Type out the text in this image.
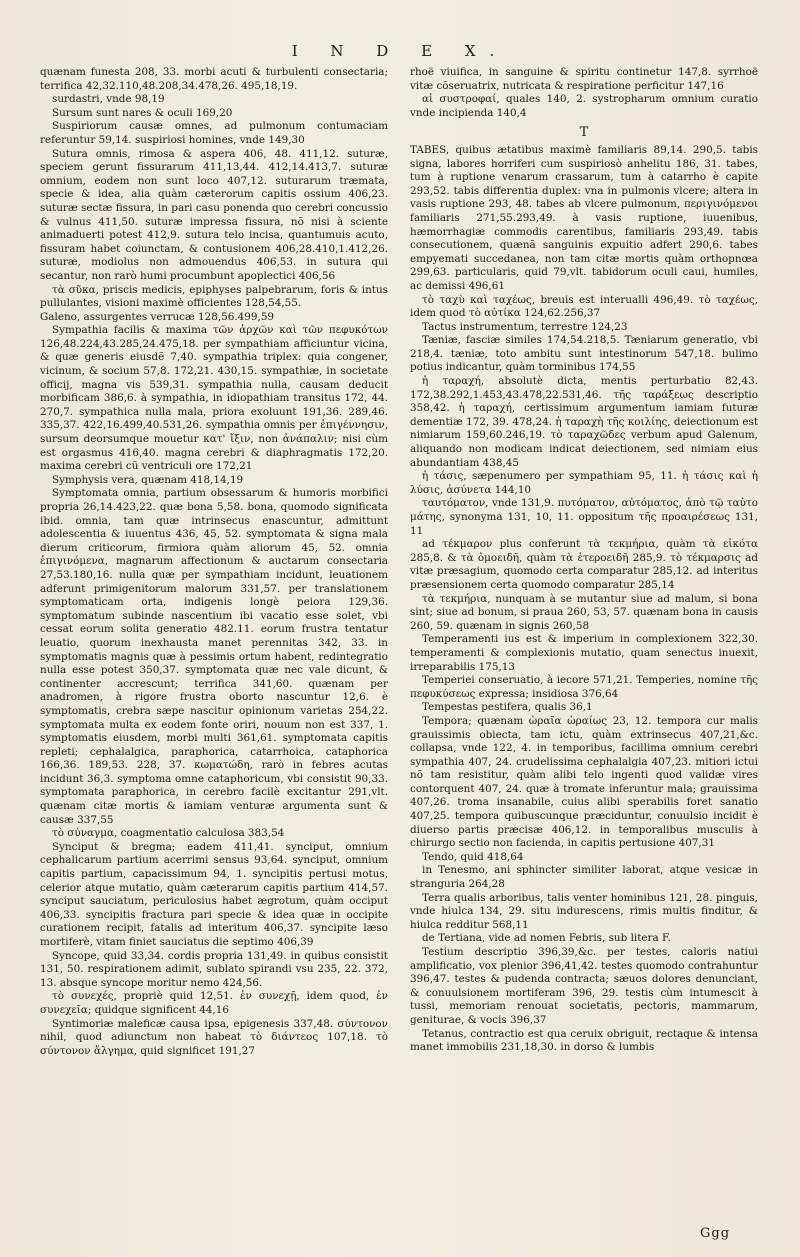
I N D E X.

quænam funesta 208, 33. morbi acuti & turbulenti consectaria; terrifica 42,32.110,48.208,34.478,26. 495,18,19.

surdastri, vnde 98,19

Sursum sunt nares & oculi 169,20

Suspiriorum causæ omnes, ad pulmonum contumaciam referuntur 59,14. suspiriosi homines, vnde 149,30

Sutura omnis, rimosa & aspera 406, 48. 411,12. suturæ, speciem gerunt fissurarum 411,13,44. 412,14.413,7. suturæ omnium, eodem non sunt loco 407,12. suturarum træmata, specie & idea, alia quàm cæterorum capitis ossium 406,23. suturæ sectæ fissura, in pari casu ponenda quo cerebri concussio & vulnus 411,50. suturæ impressa fissura, nõ nisi à sciente animaduerti potest 412,9. sutura telo incisa, quantumuis acuto, fissuram habet coiunctam, & contusionem 406,28.410,1.412,26. suturæ, modiolus non admouendus 406,53. in sutura qui secantur, non rarò humi procumbunt apoplectici 406,56

τὰ σῦκα, priscis medicis, epiphyses palpebrarum, foris & intus pullulantes, visioni maximè officientes 128,54,55.

Galeno, assurgentes verrucæ 128,56.499,59

Sympathia facilis & maxima τῶν ἀρχῶν καὶ τῶν πεφυκότων 126,48.224,43.285,24.475,18. per sympathiam afficiuntur vicina, & quæ generis eiusdẽ 7,40. sympathia triplex: quia congener, vicinum, & socium 57,8. 172,21. 430,15. sympathiæ, in societate officij, magna vis 539,31. sympathia nulla, causam deducit morbificam 386,6. à sympathia, in idiopathiam transitus 172, 44. 270,7. sympathica nulla mala, priora exoluunt 191,36. 289,46. 335,37. 422,16.499,40.531,26. sympathia omnis per ἐπιγέννησιν, sursum deorsumque mouetur κατ' ἴξιν, non ἀνάπαλιν; nisi cùm est orgasmus 416,40. magna cerebri & diaphragmatis 172,20. maxima cerebri cũ ventriculi ore 172,21

Symphysis vera, quænam 418,14,19

Symptomata omnia, partium obsessarum & humoris morbifici propria 26,14.423,22. quæ bona 5,58. bona, quomodo significata ibid. omnia, tam quæ intrinsecus enascuntur, admittunt adolescentia & iuuentus 436, 45, 52. symptomata & signa mala dierum criticorum, firmiora quàm aliorum 45, 52. omnia ἐπιγινόμενα, magnarum affectionum & auctarum consectaria 27,53.180,16. nulla quæ per sympathiam incidunt, leuationem adferunt primigenitorum malorum 331,57. per translationem symptomaticam orta, indigenis longè peiora 129,36. symptomatum subinde nascentium ibi vacatio esse solet, vbi cessat eorum solita generatio 482.11. eorum frustra tentatur leuatio, quorum inexhausta manet perennitas 342, 33. in symptomatis magnis quæ à pessimis ortum habent, redintegratio nulla esse potest 350,37. symptomata quæ nec vale dicunt, & continenter accrescunt; terrifica 341,60. quænam per anadromen, à rigore frustra oborto nascuntur 12,6. è symptomatis, crebra sæpe nascitur opinionum varietas 254,22. symptomata multa ex eodem fonte oriri, nouum non est 337, 1. symptomatis eiusdem, morbi multi 361,61. symptomata capitis repleti; cephalalgica, paraphorica, catarrhoica, cataphorica 166,36. 189,53. 228, 37. κωματώδη, rarò in febres acutas incidunt 36,3. symptoma omne cataphoricum, vbi consistit 90,33. symptomata paraphorica, in cerebro facilè excitantur 291,vlt. quænam citæ mortis & iamiam venturæ argumenta sunt & causæ 337,55

τὸ σύναγμα, coagmentatio calculosa 383,54

Synciput & bregma; eadem 411,41. synciput, omnium cephalicarum partium acerrimi sensus 93,64. synciput, omnium capitis partium, capacissimum 94, 1. syncipitis pertusi motus, celerior atque mutatio, quàm cæterarum capitis partium 414,57. synciput sauciatum, periculosius habet ægrotum, quàm occiput 406,33. syncipitis fractura pari specie & idea quæ in occipite curationem recipit, fatalis ad interitum 406,37. syncipite læso mortiferè, vitam finiet sauciatus die septimo 406,39

Syncope, quid 33,34. cordis propria 131,49. in quibus consistit 131, 50. respirationem adimit, sublato spirandi vsu 235, 22. 372, 13. absque syncope moritur nemo 424,56.

τὸ συνεχές, propriè quid 12,51. ἐν συνεχῇ, idem quod, ἐν συνεχεῖα; quidque significent 44,16

Syntimoriæ maleficæ causa ipsa, epigenesis 337,48. σύντονον nihil, quod adiunctum non habeat τὸ διάντεος 107,18. τὸ σύντονον ἄλγημα, quid significet 191,27

rhoë viuifica, in sanguine & spiritu continetur 147,8. syrrhoë vitæ cõseruatrix, nutricata & respiratione perficitur 147,16

αἱ συστροφαί, quales 140, 2. systropharum omnium curatio vnde incipienda 140,4

T

TABES, quibus ætatibus maximè familiaris 89,14. 290,5. tabis signa, labores horriferi cum suspiriosò anhelitu 186, 31. tabes, tum à ruptione venarum crassarum, tum à catarrho è capite 293,52. tabis differentia duplex: vna in pulmonis vlcere; altera in vasis ruptione 293, 48. tabes ab vlcere pulmonum, περιγινόμενοι familiaris 271,55.293,49. à vasis ruptione, iuuenibus, hæmorrhagiæ commodis carentibus, familiaris 293,49. tabis consecutionem, quænã sanguinis expuitio adfert 290,6. tabes empyemati succedanea, non tam citæ mortis quàm orthopnœa 299,63. particularis, quid 79,vlt. tabidorum oculi caui, humiles, ac demissi 496,61

τὸ ταχὺ καὶ ταχέως, breuis est interualli 496,49. τὸ ταχέως, idem quod τὸ αὐτίκα 124,62.256,37

Tactus instrumentum, terrestre 124,23

Tæniæ, fasciæ similes 174,54.218,5. Tæniarum generatio, vbi 218,4. tæniæ, toto ambitu sunt intestinorum 547,18. bulimo potius indicantur, quàm torminibus 174,55

ἡ ταραχή, absolutè dicta, mentis perturbatio 82,43. 172,38.292,1.453,43.478,22.531,46. τῆς ταράξεως descriptio 358,42. ἡ ταραχή, certissimum argumentum iamiam futuræ dementiæ 172, 39. 478,24. ἡ ταραχὴ τῆς κοιλίης, deiectionum est nimiarum 159,60.246,19. τὸ ταραχῶδες verbum apud Galenum, aliquando non modicam indicat deiectionem, sed nimiam eius abundantiam 438,45

ἡ τάσις, sæpenumero per sympathiam 95, 11. ἡ τάσις καὶ ἡ λύσις, ἀσύνετα 144,10

ταυτόματον, vnde 131,9. πυτόματον, αὐτόματος, ἀπὸ τῷ ταὐτο μάτης, synonyma 131, 10, 11. oppositum τῆς προαιρέσεως 131, 11

ad τέκμαρον plus conferunt τὰ τεκμήρια, quàm τὰ εἰκότα 285,8. & τὰ ὁμοειδῆ, quàm τὰ ἑτεροειδῆ 285,9. τὸ τέκμαρσις ad vitæ præsagium, quomodo certa comparatur 285,12. ad interitus præsensionem certa quomodo comparatur 285,14

τὰ τεκμήρια, nunquam à se mutantur siue ad malum, si bona sint; siue ad bonum, si praua 260, 53, 57. quænam bona in causis 260, 59. quænam in signis 260,58

Temperamenti ius est & imperium in complexionem 322,30. temperamenti & complexionis mutatio, quam senectus inuexit, irreparabilis 175,13

Temperiei conseruatio, à iecore 571,21. Temperies, nomine τῆς πεφυκύσεως expressa; insidiosa 376,64

Tempestas pestifera, qualis 36,1

Tempora; quænam ὡραῖα ὡραίως 23, 12. tempora cur malis grauissimis obiecta, tam ictu, quàm extrinsecus 407,21,&c. collapsa, vnde 122, 4. in temporibus, facillima omnium cerebri sympathia 407, 24. crudelissima cephalalgia 407,23. mitiori ictui nõ tam resistitur, quàm alibi telo ingenti quod validæ vires contorquent 407, 24. quæ à tromate inferuntur mala; grauissima 407,26. troma insanabile, cuius alibi sperabilis foret sanatio 407,25. tempora quibuscunque præciduntur, conuulsio incidit è diuerso partis præcisæ 406,12. in temporalibus musculis à chirurgo sectio non facienda, in capitis pertusione 407,31

Tendo, quid 418,64

in Tenesmo, ani sphincter similiter laborat, atque vesicæ in stranguria 264,28

Terra qualis arboribus, talis venter hominibus 121, 28. pinguis, vnde hiulca 134, 29. situ indurescens, rimis multis finditur, & hiulca redditur 568,11

de Tertiana, vide ad nomen Febris, sub litera F.

Testium descriptio 396,39,&c. per testes, caloris natiui amplificatio, vox plenior 396,41,42. testes quomodo contrahuntur 396,47. testes & pudenda contracta; sæuos dolores denunciant, & conuulsionem mortiferam 396, 29. testis cùm intumescit à tussi, memoriam renouat societatis, pectoris, mammarum, geniturae, & vocis 396,37

Tetanus, contractio est qua ceruix obriguit, rectaque & intensa manet immobilis 231,18,30. in dorso & lumbis

Ggg
